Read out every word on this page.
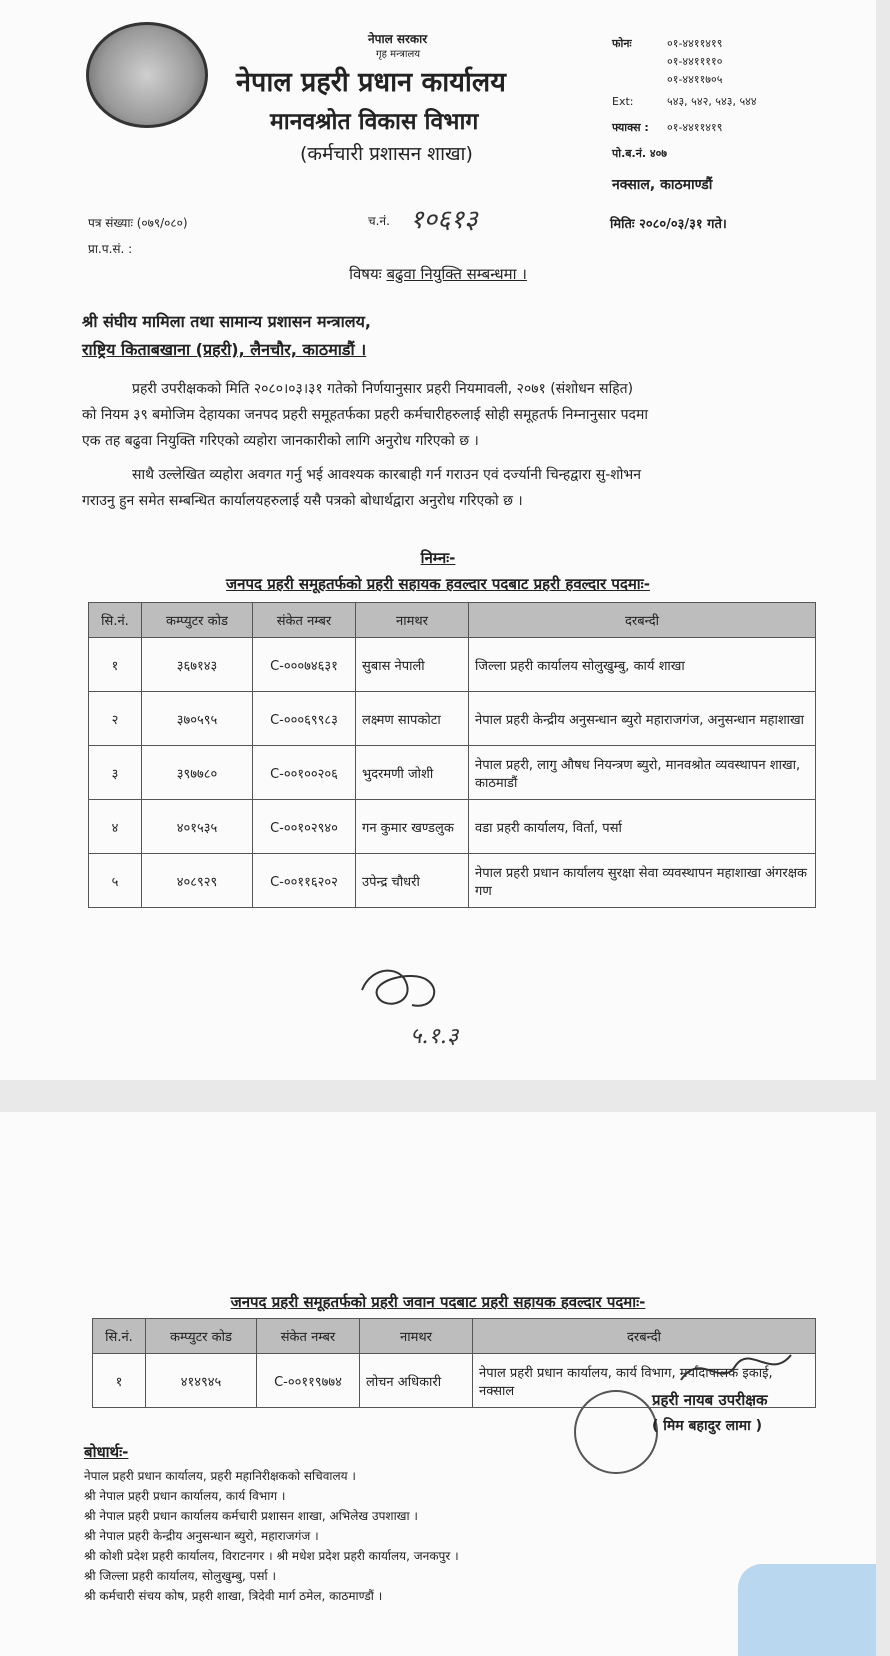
नेपाल सरकार
गृह मन्त्रालय
नेपाल प्रहरी प्रधान कार्यालय
मानवश्रोत विकास विभाग
(कर्मचारी प्रशासन शाखा)
फोनः	०१-४४११४१९
०१-४४११११०
०१-४४११७०५
Ext:	५४३, ५४२, ५४३, ५४४
फ्याक्स : ०१-४४११४१९
पो.ब.नं. ४०७
नक्साल, काठमाण्डौं
पत्र संख्याः (०७९/०८०)	च.नं. १०६१३	मितिः २०८०/०३/३१ गते।
प्रा.प.सं. :
विषयः बढुवा नियुक्ति सम्बन्धमा ।
श्री संघीय मामिला तथा सामान्य प्रशासन मन्त्रालय,
राष्ट्रिय किताबखाना (प्रहरी), लैनचौर, काठमाडौं ।
प्रहरी उपरीक्षकको मिति २०८०।०३।३१ गतेको निर्णयानुसार प्रहरी नियमावली, २०७१ (संशोधन सहित)
को नियम ३९ बमोजिम देहायका जनपद प्रहरी समूहतर्फका प्रहरी कर्मचारीहरुलाई सोही समूहतर्फ निम्नानुसार पदमा
एक तह बढुवा नियुक्ति गरिएको व्यहोरा जानकारीको लागि अनुरोध गरिएको छ ।
साथै उल्लेखित व्यहोरा अवगत गर्नु भई आवश्यक कारबाही गर्न गराउन एवं दर्ज्यानी चिन्हद्वारा सु-शोभन
गराउनु हुन समेत सम्बन्धित कार्यालयहरुलाई यसै पत्रको बोधार्थद्वारा अनुरोध गरिएको छ ।
निम्नः-
जनपद प्रहरी समूहतर्फको प्रहरी सहायक हवल्दार पदबाट प्रहरी हवल्दार पदमाः-
सि.नं.	कम्प्युटर कोड	संकेत नम्बर	नामथर	दरबन्दी
१	३६७१४३	C-०००७४६३१	सुबास नेपाली	जिल्ला प्रहरी कार्यालय सोलुखुम्बु, कार्य शाखा
२	३७०५९५	C-०००६९९८३	लक्ष्मण सापकोटा	नेपाल प्रहरी केन्द्रीय अनुसन्धान ब्युरो महाराजगंज, अनुसन्धान महाशाखा
३	३९७७८०	C-००१००२०६	भुदरमणी जोशी	नेपाल प्रहरी, लागु औषध नियन्त्रण ब्युरो, मानवश्रोत व्यवस्थापन शाखा, काठमाडौं
४	४०१५३५	C-००१०२९४०	गन कुमार खण्डलुक	वडा प्रहरी कार्यालय, विर्ता, पर्सा
५	४०८९२९	C-००११६२०२	उपेन्द्र चौधरी	नेपाल प्रहरी प्रधान कार्यालय सुरक्षा सेवा व्यवस्थापन महाशाखा अंगरक्षक गण
५.१.३
जनपद प्रहरी समूहतर्फको प्रहरी जवान पदबाट प्रहरी सहायक हवल्दार पदमाः-
सि.नं.	कम्प्युटर कोड	संकेत नम्बर	नामथर	दरबन्दी
१	४१४९४५	C-००११९७७४	लोचन अधिकारी	नेपाल प्रहरी प्रधान कार्यालय, कार्य विभाग, मर्यादापालक इकाई, नक्साल
बोधार्थः-
नेपाल प्रहरी प्रधान कार्यालय, प्रहरी महानिरीक्षकको सचिवालय ।
श्री नेपाल प्रहरी प्रधान कार्यालय, कार्य विभाग ।
श्री नेपाल प्रहरी प्रधान कार्यालय कर्मचारी प्रशासन शाखा, अभिलेख उपशाखा ।
श्री नेपाल प्रहरी केन्द्रीय अनुसन्धान ब्युरो, महाराजगंज ।
श्री कोशी प्रदेश प्रहरी कार्यालय, विराटनगर । श्री मधेश प्रदेश प्रहरी कार्यालय, जनकपुर ।
श्री जिल्ला प्रहरी कार्यालय, सोलुखुम्बु, पर्सा ।
श्री कर्मचारी संचय कोष, प्रहरी शाखा, त्रिदेवी मार्ग ठमेल, काठमाण्डौं ।
प्रहरी नायब उपरीक्षक
( मिम बहादुर लामा )
